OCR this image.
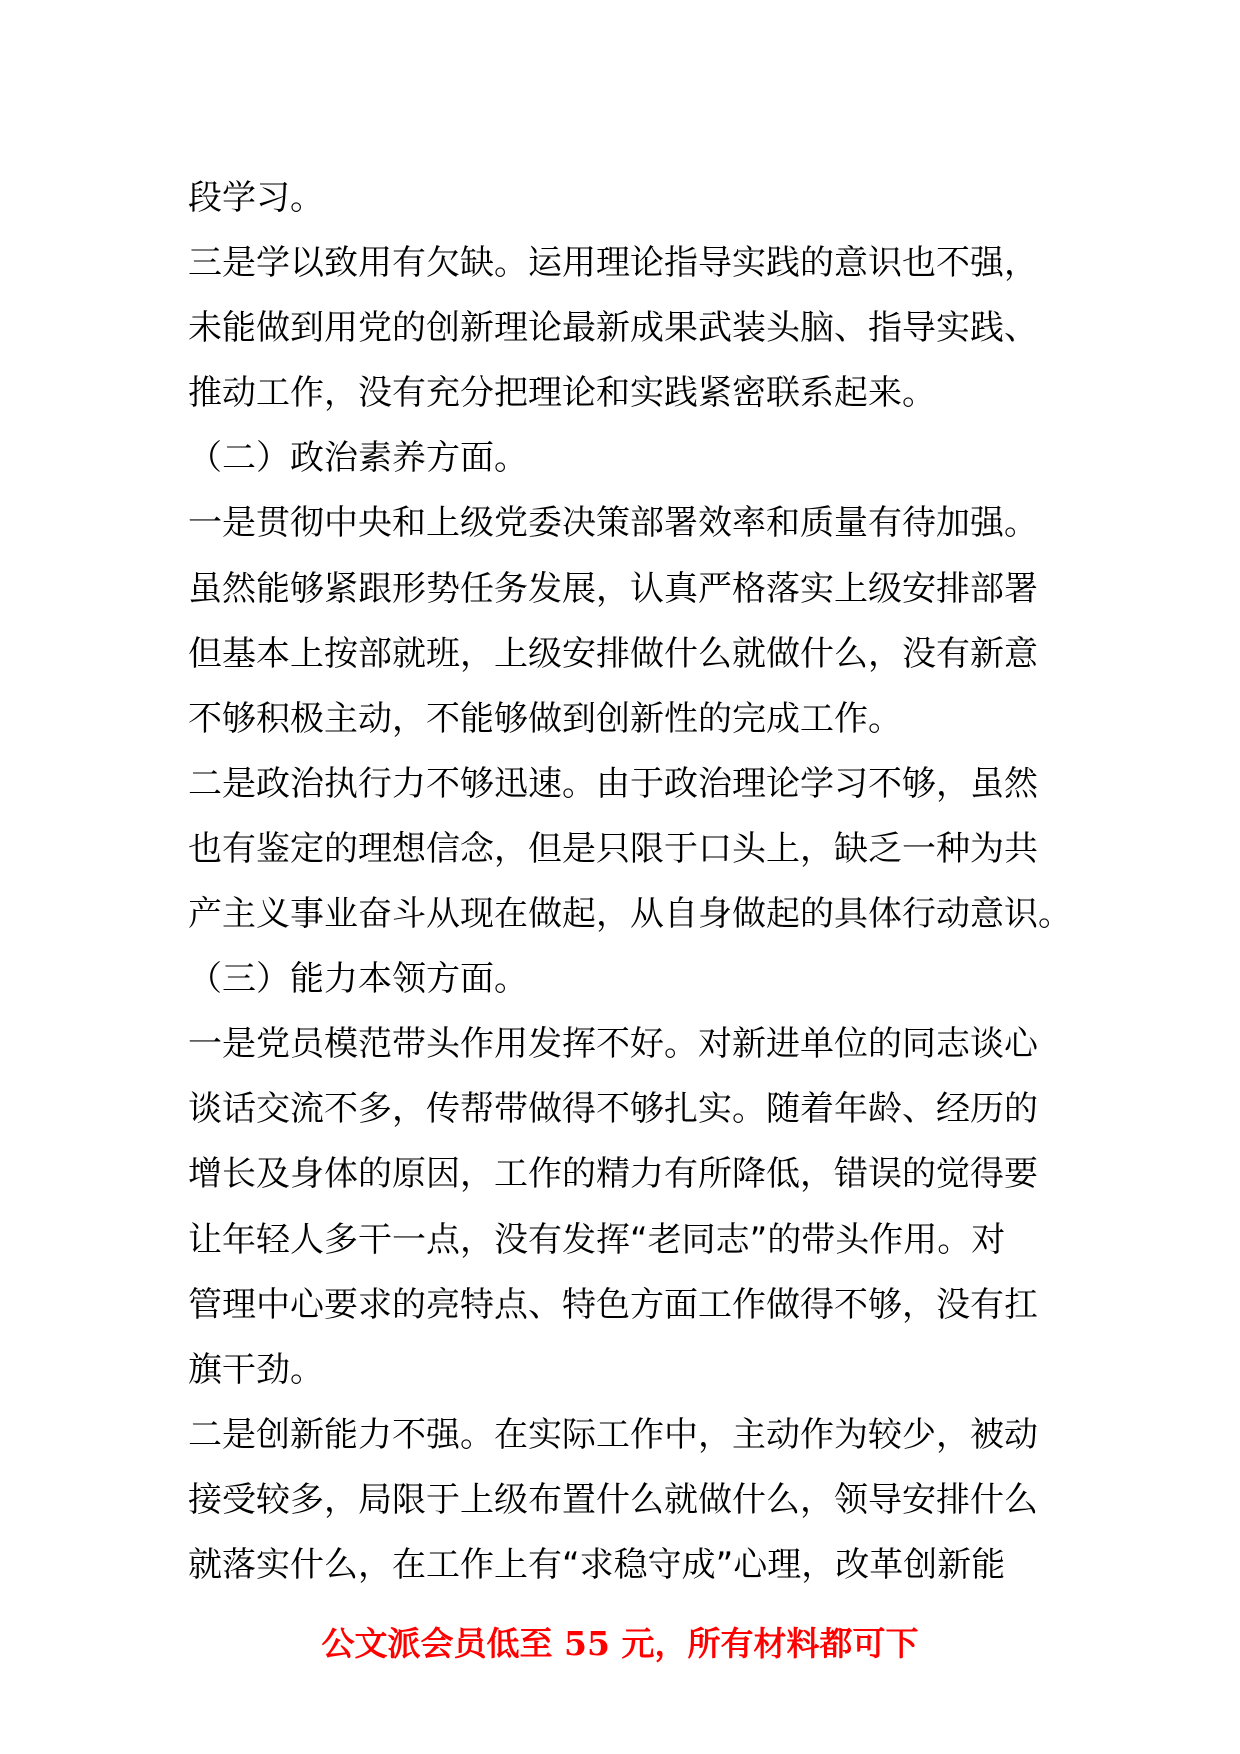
段学习。
三是学以致用有欠缺。运用理论指导实践的意识也不强，
未能做到用党的创新理论最新成果武装头脑、指导实践、
推动工作，没有充分把理论和实践紧密联系起来。
（二）政治素养方面。
一是贯彻中央和上级党委决策部署效率和质量有待加强。
虽然能够紧跟形势任务发展，认真严格落实上级安排部署
但基本上按部就班，上级安排做什么就做什么，没有新意
不够积极主动，不能够做到创新性的完成工作。
二是政治执行力不够迅速。由于政治理论学习不够，虽然
也有鉴定的理想信念，但是只限于口头上，缺乏一种为共
产主义事业奋斗从现在做起，从自身做起的具体行动意识。
（三）能力本领方面。
一是党员模范带头作用发挥不好。对新进单位的同志谈心
谈话交流不多，传帮带做得不够扎实。随着年龄、经历的
增长及身体的原因，工作的精力有所降低，错误的觉得要
让年轻人多干一点，没有发挥“老同志”的带头作用。对
管理中心要求的亮特点、特色方面工作做得不够，没有扛
旗干劲。
二是创新能力不强。在实际工作中，主动作为较少，被动
接受较多，局限于上级布置什么就做什么，领导安排什么
就落实什么，在工作上有“求稳守成”心理，改革创新能
公文派会员低至 55 元，所有材料都可下
